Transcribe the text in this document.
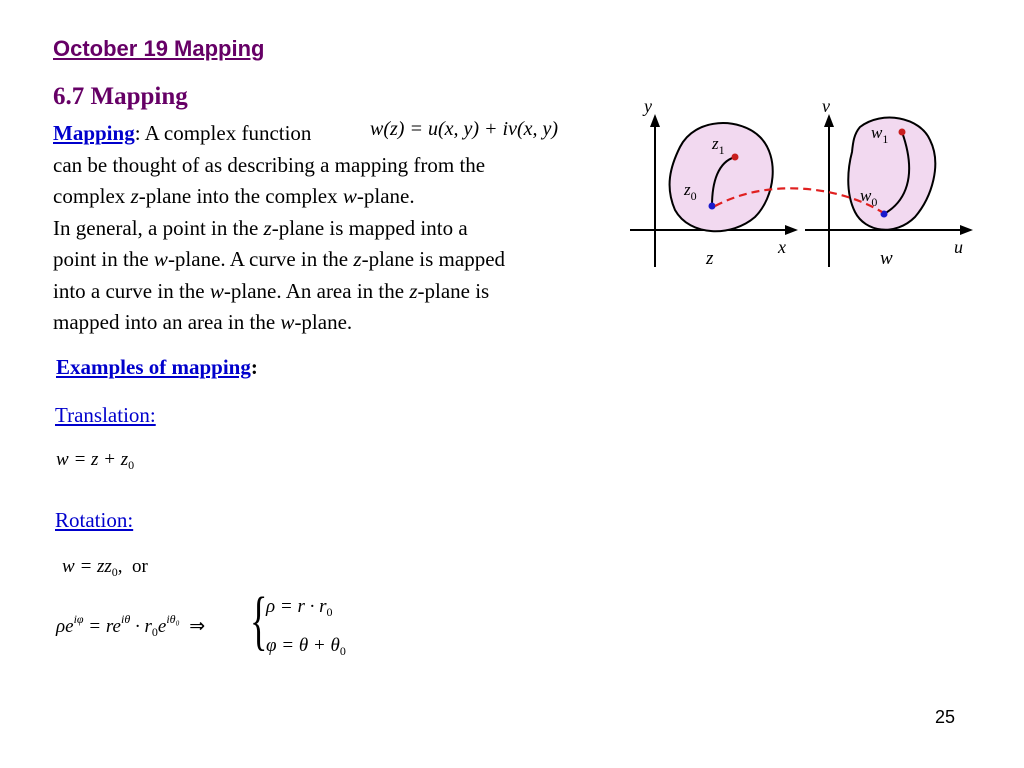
October 19 Mapping
6.7 Mapping

Mapping: A complex function

can be thought of as describing a mapping from the

complex z-plane into the complex w-plane.

In general, a point in the z-plane is mapped into a

point in the w-plane. A curve in the z-plane is mapped

into a curve in the w-plane. An area in the z-plane is

mapped into an area in the w-plane.

w(z) = u(x, y) + iv(x, y)
y
x
z
$z_1$
$z_0$
v
u
w
$w_1$
$w_0$
Examples of mapping:
Translation:
$w = z + z_0$
Rotation:
$w = zz_0$, or
$\rho e^{i\varphi} = re^{i\theta} \cdot r_0e^{i\theta_0}$ ⇒ {
$\rho = r \cdot r_0$
$\varphi = \theta + \theta_0$
25
